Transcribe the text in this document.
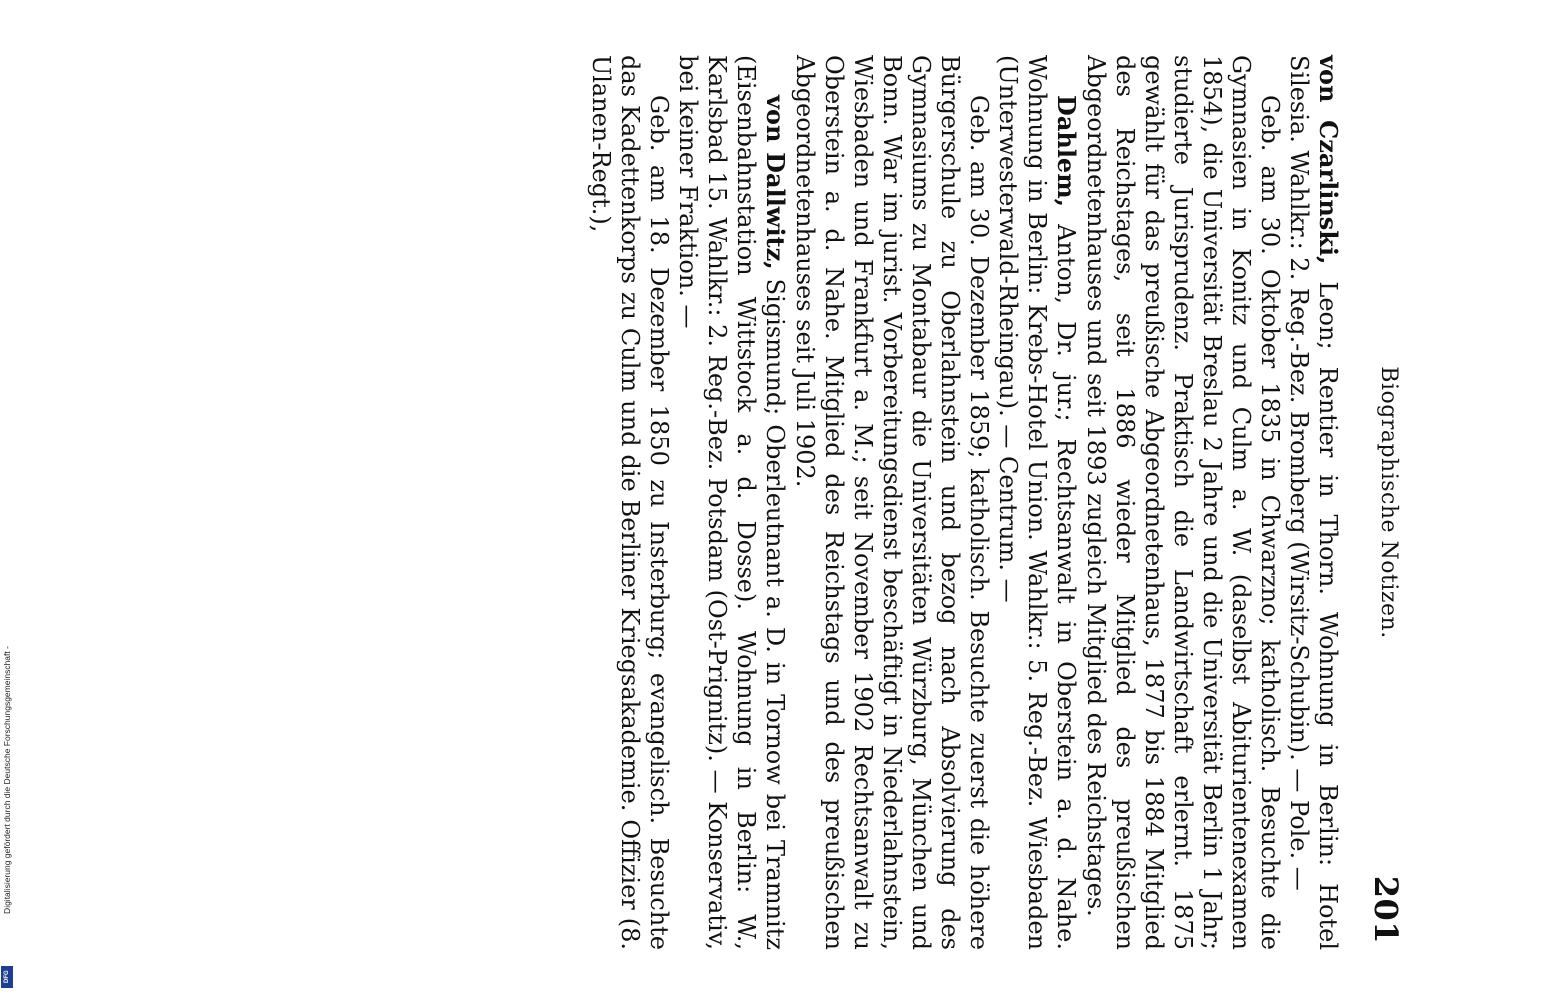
Digitalisierung gefördert durch die Deutsche Forschungsgemeinschaft -
DFG
Biographische Notizen.
201

von Czarlinski, Leon; Rentier in Thorn. Wohnung in Berlin: Hotel Silesia. Wahlkr.: 2. Reg.-Bez. Bromberg (Wirsitz-Schubin). — Pole. —

Geb. am 30. Oktober 1835 in Chwarzno; katholisch. Besuchte die Gymnasien in Konitz und Culm a. W. (daselbst Abiturientenexamen 1854), die Universität Breslau 2 Jahre und die Universität Berlin 1 Jahr; studierte Jurisprudenz. Praktisch die Landwirtschaft erlernt. 1875 gewählt für das preußische Abgeordnetenhaus, 1877 bis 1884 Mitglied des Reichstages, seit 1886 wieder Mitglied des preußischen Abgeordnetenhauses und seit 1893 zugleich Mitglied des Reichstages.

Dahlem, Anton, Dr. jur.; Rechtsanwalt in Oberstein a. d. Nahe. Wohnung in Berlin: Krebs-Hotel Union. Wahlkr.: 5. Reg.-Bez. Wiesbaden (Unterwesterwald-Rheingau). — Centrum. —

Geb. am 30. Dezember 1859; katholisch. Besuchte zuerst die höhere Bürgerschule zu Oberlahnstein und bezog nach Absolvierung des Gymnasiums zu Montabaur die Universitäten Würzburg, München und Bonn. War im jurist. Vorbereitungsdienst beschäftigt in Niederlahnstein, Wiesbaden und Frankfurt a. M.; seit November 1902 Rechtsanwalt zu Oberstein a. d. Nahe. Mitglied des Reichstags und des preußischen Abgeordnetenhauses seit Juli 1902.

von Dallwitz, Sigismund; Oberleutnant a. D. in Tornow bei Tramnitz (Eisenbahnstation Wittstock a. d. Dosse). Wohnung in Berlin: W., Karlsbad 15. Wahlkr.: 2. Reg.-Bez. Potsdam (Ost-Prignitz). — Konservativ, bei keiner Fraktion. —

Geb. am 18. Dezember 1850 zu Insterburg; evangelisch. Besuchte das Kadettenkorps zu Culm und die Berliner Kriegsakademie. Offizier (8. Ulanen-Regt.),
